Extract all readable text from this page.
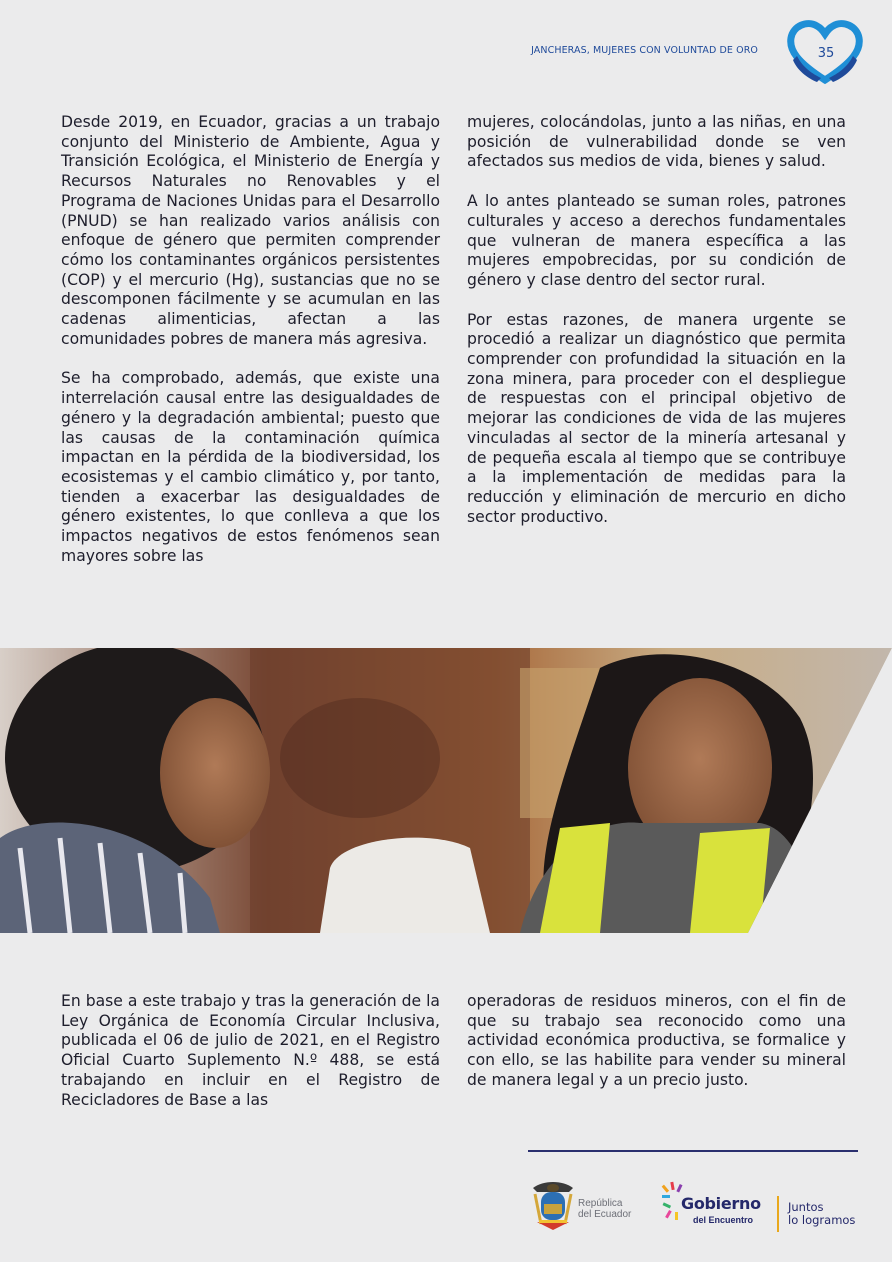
JANCHERAS, MUJERES CON VOLUNTAD DE ORO	35

Desde 2019, en Ecuador, gracias a un trabajo conjunto del Ministerio de Ambiente, Agua y Transición Ecológica, el Ministerio de Energía y Recursos Naturales no Renovables y el Programa de Naciones Unidas para el Desarrollo (PNUD) se han realizado varios análisis con enfoque de género que permiten comprender cómo los contaminantes orgánicos persistentes (COP) y el mercurio (Hg), sustancias que no se descomponen fácilmente y se acumulan en las cadenas alimenticias, afectan a las comunidades pobres de manera más agresiva.

Se ha comprobado, además, que existe una interrelación causal entre las desigualdades de género y la degradación ambiental; puesto que las causas de la contaminación química impactan en la pérdida de la biodiversidad, los ecosistemas y el cambio climático y, por tanto, tienden a exacerbar las desigualdades de género existentes, lo que conlleva a que los impactos negativos de estos fenómenos sean mayores sobre las

mujeres, colocándolas, junto a las niñas, en una posición de vulnerabilidad donde se ven afectados sus medios de vida, bienes y salud.

A lo antes planteado se suman roles, patrones culturales y acceso a derechos fundamentales que vulneran de manera específica a las mujeres empobrecidas, por su condición de género y clase dentro del sector rural.

Por estas razones, de manera urgente se procedió a realizar un diagnóstico que permita comprender con profundidad la situación en la zona minera, para proceder con el despliegue de respuestas con el principal objetivo de mejorar las condiciones de vida de las mujeres vinculadas al sector de la minería artesanal y de pequeña escala al tiempo que se contribuye a la implementación de medidas para la reducción y eliminación de mercurio en dicho sector productivo.

En base a este trabajo y tras la generación de la Ley Orgánica de Economía Circular Inclusiva, publicada el 06 de julio de 2021, en el Registro Oficial Cuarto Suplemento N.º 488, se está trabajando en incluir en el Registro de Recicladores de Base a las

operadoras de residuos mineros, con el fin de que su trabajo sea reconocido como una actividad económica productiva, se formalice y con ello, se las habilite para vender su mineral de manera legal y a un precio justo.

República
del Ecuador
Gobierno
del Encuentro
Juntos
lo logramos
